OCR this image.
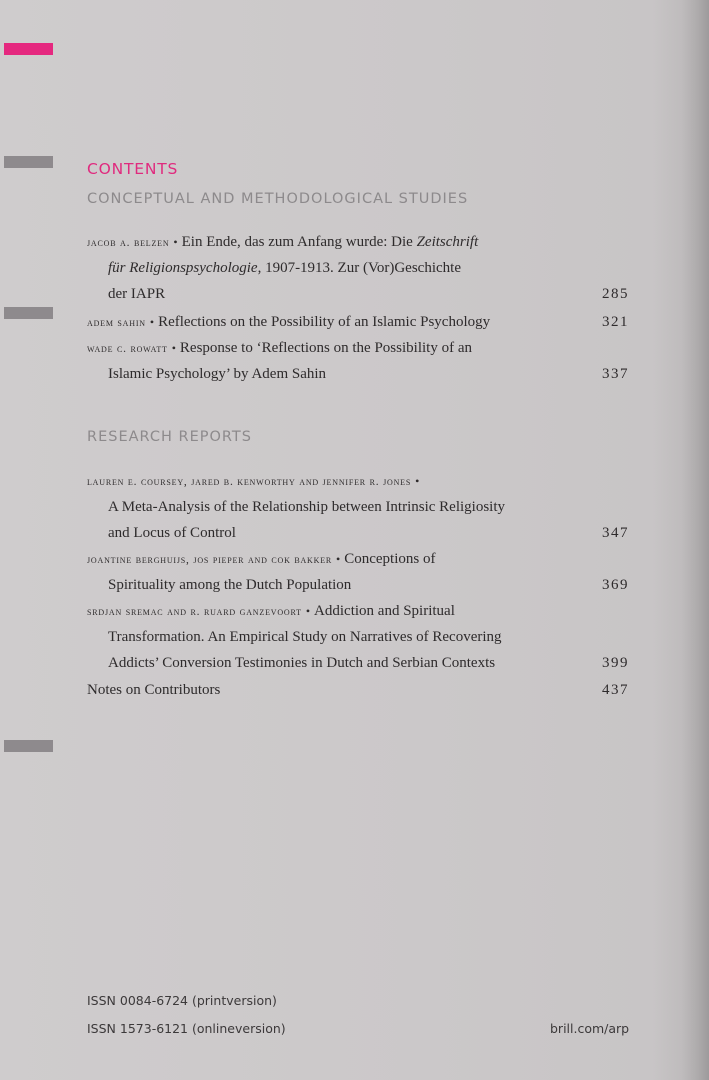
CONTENTS
CONCEPTUAL AND METHODOLOGICAL STUDIES
jacob a. belzen • Ein Ende, das zum Anfang wurde: Die Zeitschrift
für Religionspsychologie, 1907-1913. Zur (Vor)Geschichte
der IAPR	285
adem sahin • Reflections on the Possibility of an Islamic Psychology	321
wade c. rowatt • Response to ‘Reflections on the Possibility of an
Islamic Psychology’ by Adem Sahin	337
RESEARCH REPORTS
lauren e. coursey, jared b. kenworthy and jennifer r. jones •
A Meta-Analysis of the Relationship between Intrinsic Religiosity
and Locus of Control	347
joantine berghuijs, jos pieper and cok bakker • Conceptions of
Spirituality among the Dutch Population	369
srdjan sremac and r. ruard ganzevoort • Addiction and Spiritual
Transformation. An Empirical Study on Narratives of Recovering
Addicts’ Conversion Testimonies in Dutch and Serbian Contexts	399
Notes on Contributors	437
ISSN 0084-6724 (printversion)
ISSN 1573-6121 (onlineversion)	brill.com/arp
